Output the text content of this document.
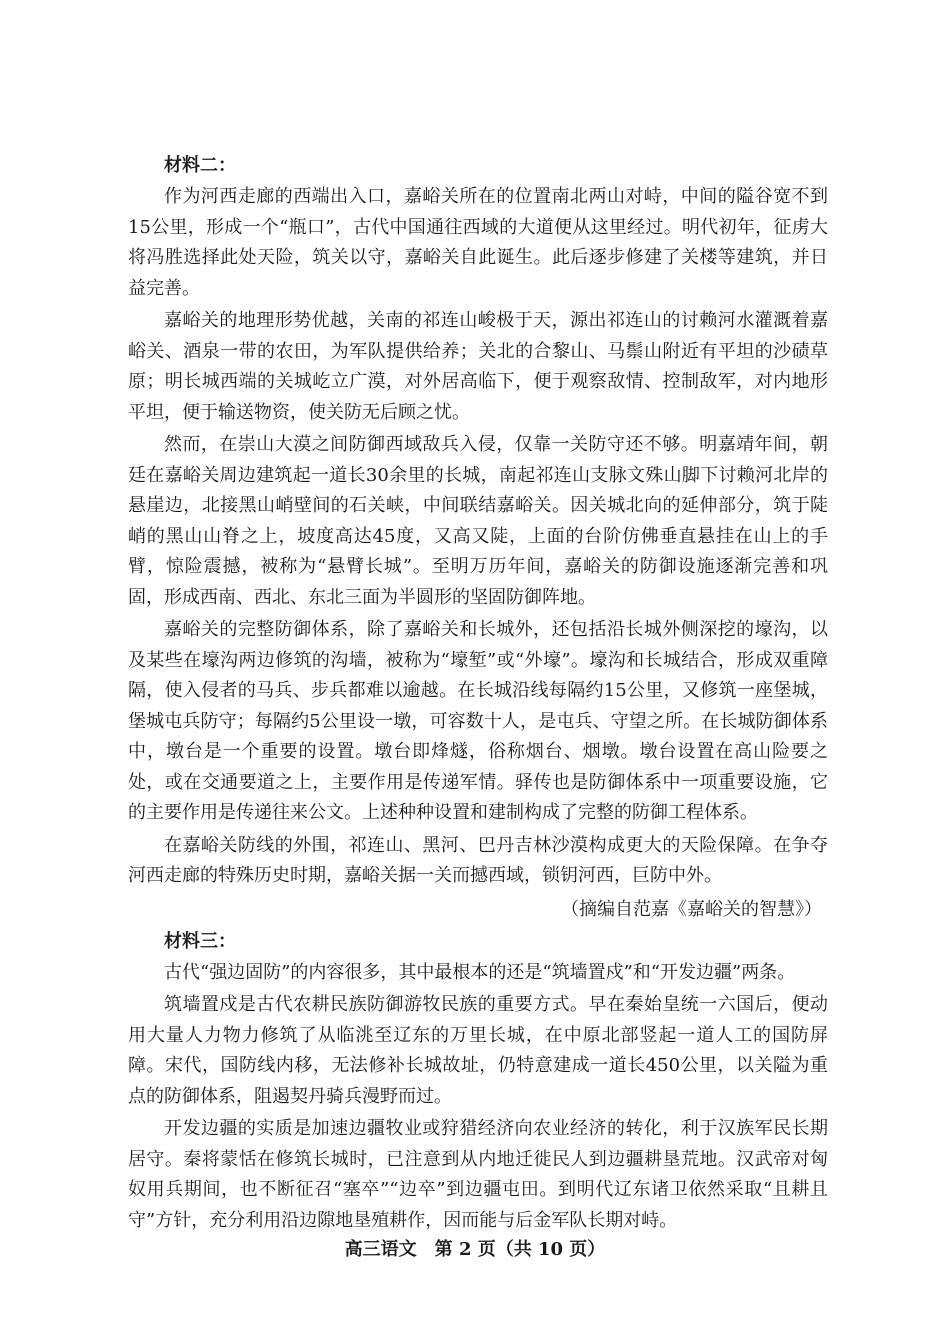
材料二：

作为河西走廊的西端出入口，嘉峪关所在的位置南北两山对峙，中间的隘谷宽不到15公里，形成一个“瓶口”，古代中国通往西域的大道便从这里经过。明代初年，征虏大将冯胜选择此处天险，筑关以守，嘉峪关自此诞生。此后逐步修建了关楼等建筑，并日益完善。

嘉峪关的地理形势优越，关南的祁连山峻极于天，源出祁连山的讨赖河水灌溉着嘉峪关、酒泉一带的农田，为军队提供给养；关北的合黎山、马鬃山附近有平坦的沙碛草原；明长城西端的关城屹立广漠，对外居高临下，便于观察敌情、控制敌军，对内地形平坦，便于输送物资，使关防无后顾之忧。

然而，在崇山大漠之间防御西域敌兵入侵，仅靠一关防守还不够。明嘉靖年间，朝廷在嘉峪关周边建筑起一道长30余里的长城，南起祁连山支脉文殊山脚下讨赖河北岸的悬崖边，北接黑山峭壁间的石关峡，中间联结嘉峪关。因关城北向的延伸部分，筑于陡峭的黑山山脊之上，坡度高达45度，又高又陡，上面的台阶仿佛垂直悬挂在山上的手臂，惊险震撼，被称为“悬臂长城”。至明万历年间，嘉峪关的防御设施逐渐完善和巩固，形成西南、西北、东北三面为半圆形的坚固防御阵地。

嘉峪关的完整防御体系，除了嘉峪关和长城外，还包括沿长城外侧深挖的壕沟，以及某些在壕沟两边修筑的沟墙，被称为“壕堑”或“外壕”。壕沟和长城结合，形成双重障隔，使入侵者的马兵、步兵都难以逾越。在长城沿线每隔约15公里，又修筑一座堡城，堡城屯兵防守；每隔约5公里设一墩，可容数十人，是屯兵、守望之所。在长城防御体系中，墩台是一个重要的设置。墩台即烽燧，俗称烟台、烟墩。墩台设置在高山险要之处，或在交通要道之上，主要作用是传递军情。驿传也是防御体系中一项重要设施，它的主要作用是传递往来公文。上述种种设置和建制构成了完整的防御工程体系。

在嘉峪关防线的外围，祁连山、黑河、巴丹吉林沙漠构成更大的天险保障。在争夺河西走廊的特殊历史时期，嘉峪关据一关而撼西域，锁钥河西，巨防中外。

（摘编自范嘉《嘉峪关的智慧》）

材料三：

古代“强边固防”的内容很多，其中最根本的还是“筑墙置戍”和“开发边疆”两条。

筑墙置戍是古代农耕民族防御游牧民族的重要方式。早在秦始皇统一六国后，便动用大量人力物力修筑了从临洮至辽东的万里长城，在中原北部竖起一道人工的国防屏障。宋代，国防线内移，无法修补长城故址，仍特意建成一道长450公里，以关隘为重点的防御体系，阻遏契丹骑兵漫野而过。

开发边疆的实质是加速边疆牧业或狩猎经济向农业经济的转化，利于汉族军民长期居守。秦将蒙恬在修筑长城时，已注意到从内地迁徙民人到边疆耕垦荒地。汉武帝对匈奴用兵期间，也不断征召“塞卒”“边卒”到边疆屯田。到明代辽东诸卫依然采取“且耕且守”方针，充分利用沿边隙地垦殖耕作，因而能与后金军队长期对峙。

高三语文　第 2 页（共 10 页）
